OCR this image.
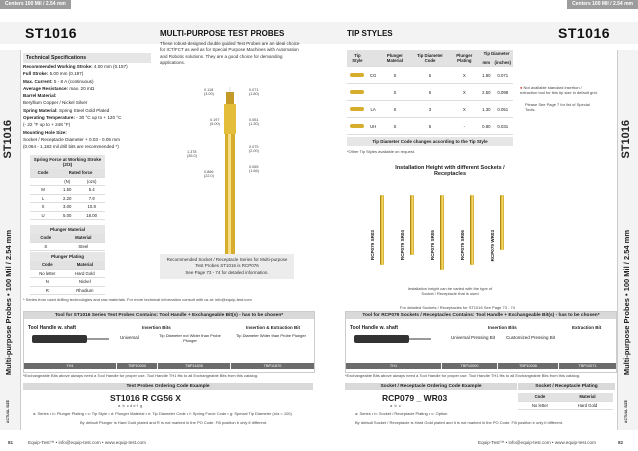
Centers 100 Mil / 2.54 mm	Centers 100 Mil / 2.54 mm
ST1016	MULTI-PURPOSE TEST PROBES	TIP STYLES	ST1016
ST1016
Multi-purpose Probes • 100 Mil / 2.54 mm
ACTUAL SIZE
ST1016
Multi-purpose Probes • 100 Mil / 2.54 mm
ACTUAL SIZE
Technical Specifications
Recommended Working Stroke: 4.00 mm (0.157)
Full Stroke: 5.00 mm (0.197)
Max. Current: 5 - 8 A (continuous)
Average Resistance: max. 20 mΩ
Barrel Material:
Beryllium Copper / Nickel Silver
Spring Material: Spring Steel Gold Plated
Operating Temperature: - 30 °C up to + 120 °C
(- 22 °F up to + 248 °F)
Mounting Hole Size:
Socket / Receptacle Diameter + 0.03 - 0.05 mm
(0.064 - 1.183 mil drill bits are recommended *)
These robust-designed double guided Test Probes are an ideal choice for ICT/FCT as well as for Special Purpose Machines with Automation and Robotic solutions. They are a good choice for demanding applications.
Spring Force at Working Stroke (2/3)
Code	Rated force	
	(N)	(ozs)
M	1.50	5.4
L	2.20	7.9
X	3.00	10.8
U	5.00	18.00
Plunger Material
Code	Material
S	Steel
Plunger Plating
Code	Material
No letter	Hard Gold
N	Nickel
R	Rhodium
0.118
(3.00)
0.071
(1.80)
0.197
(5.00)
0.051
(1.30)
0.079
(2.00)
1.378
(35.0)
0.866
(22.0)
0.065
(1.66)
Recommended Socket / Receptacle Series for Multi-purpose Test Probes ST1016 is RCP076
See Page 73 - 74 for detailed information.
* Series from used drilling technologies and raw materials. For more technical information consult with us at: info@equip-test.com
Tool for ST1016 Series Test Probes Contains: Tool Handle + Exchangeable Bit(s) - has to be chosen*
Tool Handle w. shaft	Insertion Bits	Insertion & Extraction Bit
Universal	Tip Diameter not Wider than Probe Plunger
Tip Diameter Wider than Probe Plunger
TH1	TBP10000	TBP11835	TBP11870
*Exchangeable Bits above always need a Tool Handle for proper use. Tool Handle TH1 fits to all Exchangeable Bits from this catalog.
Test Probes Ordering Code Example
ST1016 R CG56 X
a  b  c d e f  g
a: Series • b: Plunger Plating • c: Tip Style • d: Plunger Material • e: Tip Diameter Code • f: Spring Force Code • g: Special Tip Diameter (n/a = 100)
By default Plunger is Hard Gold plated and R is not marked in the PO Code. Fill position b only if different.
Tip Style		Plunger Material	Tip Diameter Code	Plunger Plating	Tip Diameter	
					mm	(inches)
	CG	S	5	X	1.80	0.071
		S	6	X	2.50	0.098
	LA	S	3	X	1.30	0.051
	UH	S	5	-	0.80	0.031
Tip Diameter Code changes according to the Tip Style
*Other Tip Styles available on request.
● Not available standard insertion / extraction tool for this tip size in default grid.
Please See Page 7 for list of Special Tools.
Installation Height with different Sockets / Receptacles
RCP079 SR03	RCP079 SR04	RCP079 SR05	RCP079 SR06	RCP079 WR03
Installation height can be varied with the type of Socket / Receptacle that is used
For detailed Sockets / Receptacles for ST1016 See Page 73 - 74
Tool for RCP079 Sockets / Receptacles Contains: Tool Handle + Exchangeable Bit(s) - has to be chosen*
Tool Handle w. shaft	Insertion Bits	Extraction Bit
Universal Pressing Bit Customized Pressing Bit
TH1	TBP10000	TBP10036	TBP10071
*Exchangeable Bits above always need a Tool Handle for proper use. Tool Handle TH1 fits to all Exchangeable Bits from this catalog.
Socket / Receptacle Ordering Code Example	Socket / Receptacle Plating
RCP079 _ WR03
a  b  c
a: Series • b: Socket / Receptacle Plating • c: Option
By default Socket / Receptacle is Hard Gold plated and it is not marked in the PO Code. Fill position b only if different.
Code	Material
No letter	Hard Gold
81	Equip-Test™ • info@equip-test.com • www.equip-test.com	Equip-Test™ • info@equip-test.com • www.equip-test.com	82
